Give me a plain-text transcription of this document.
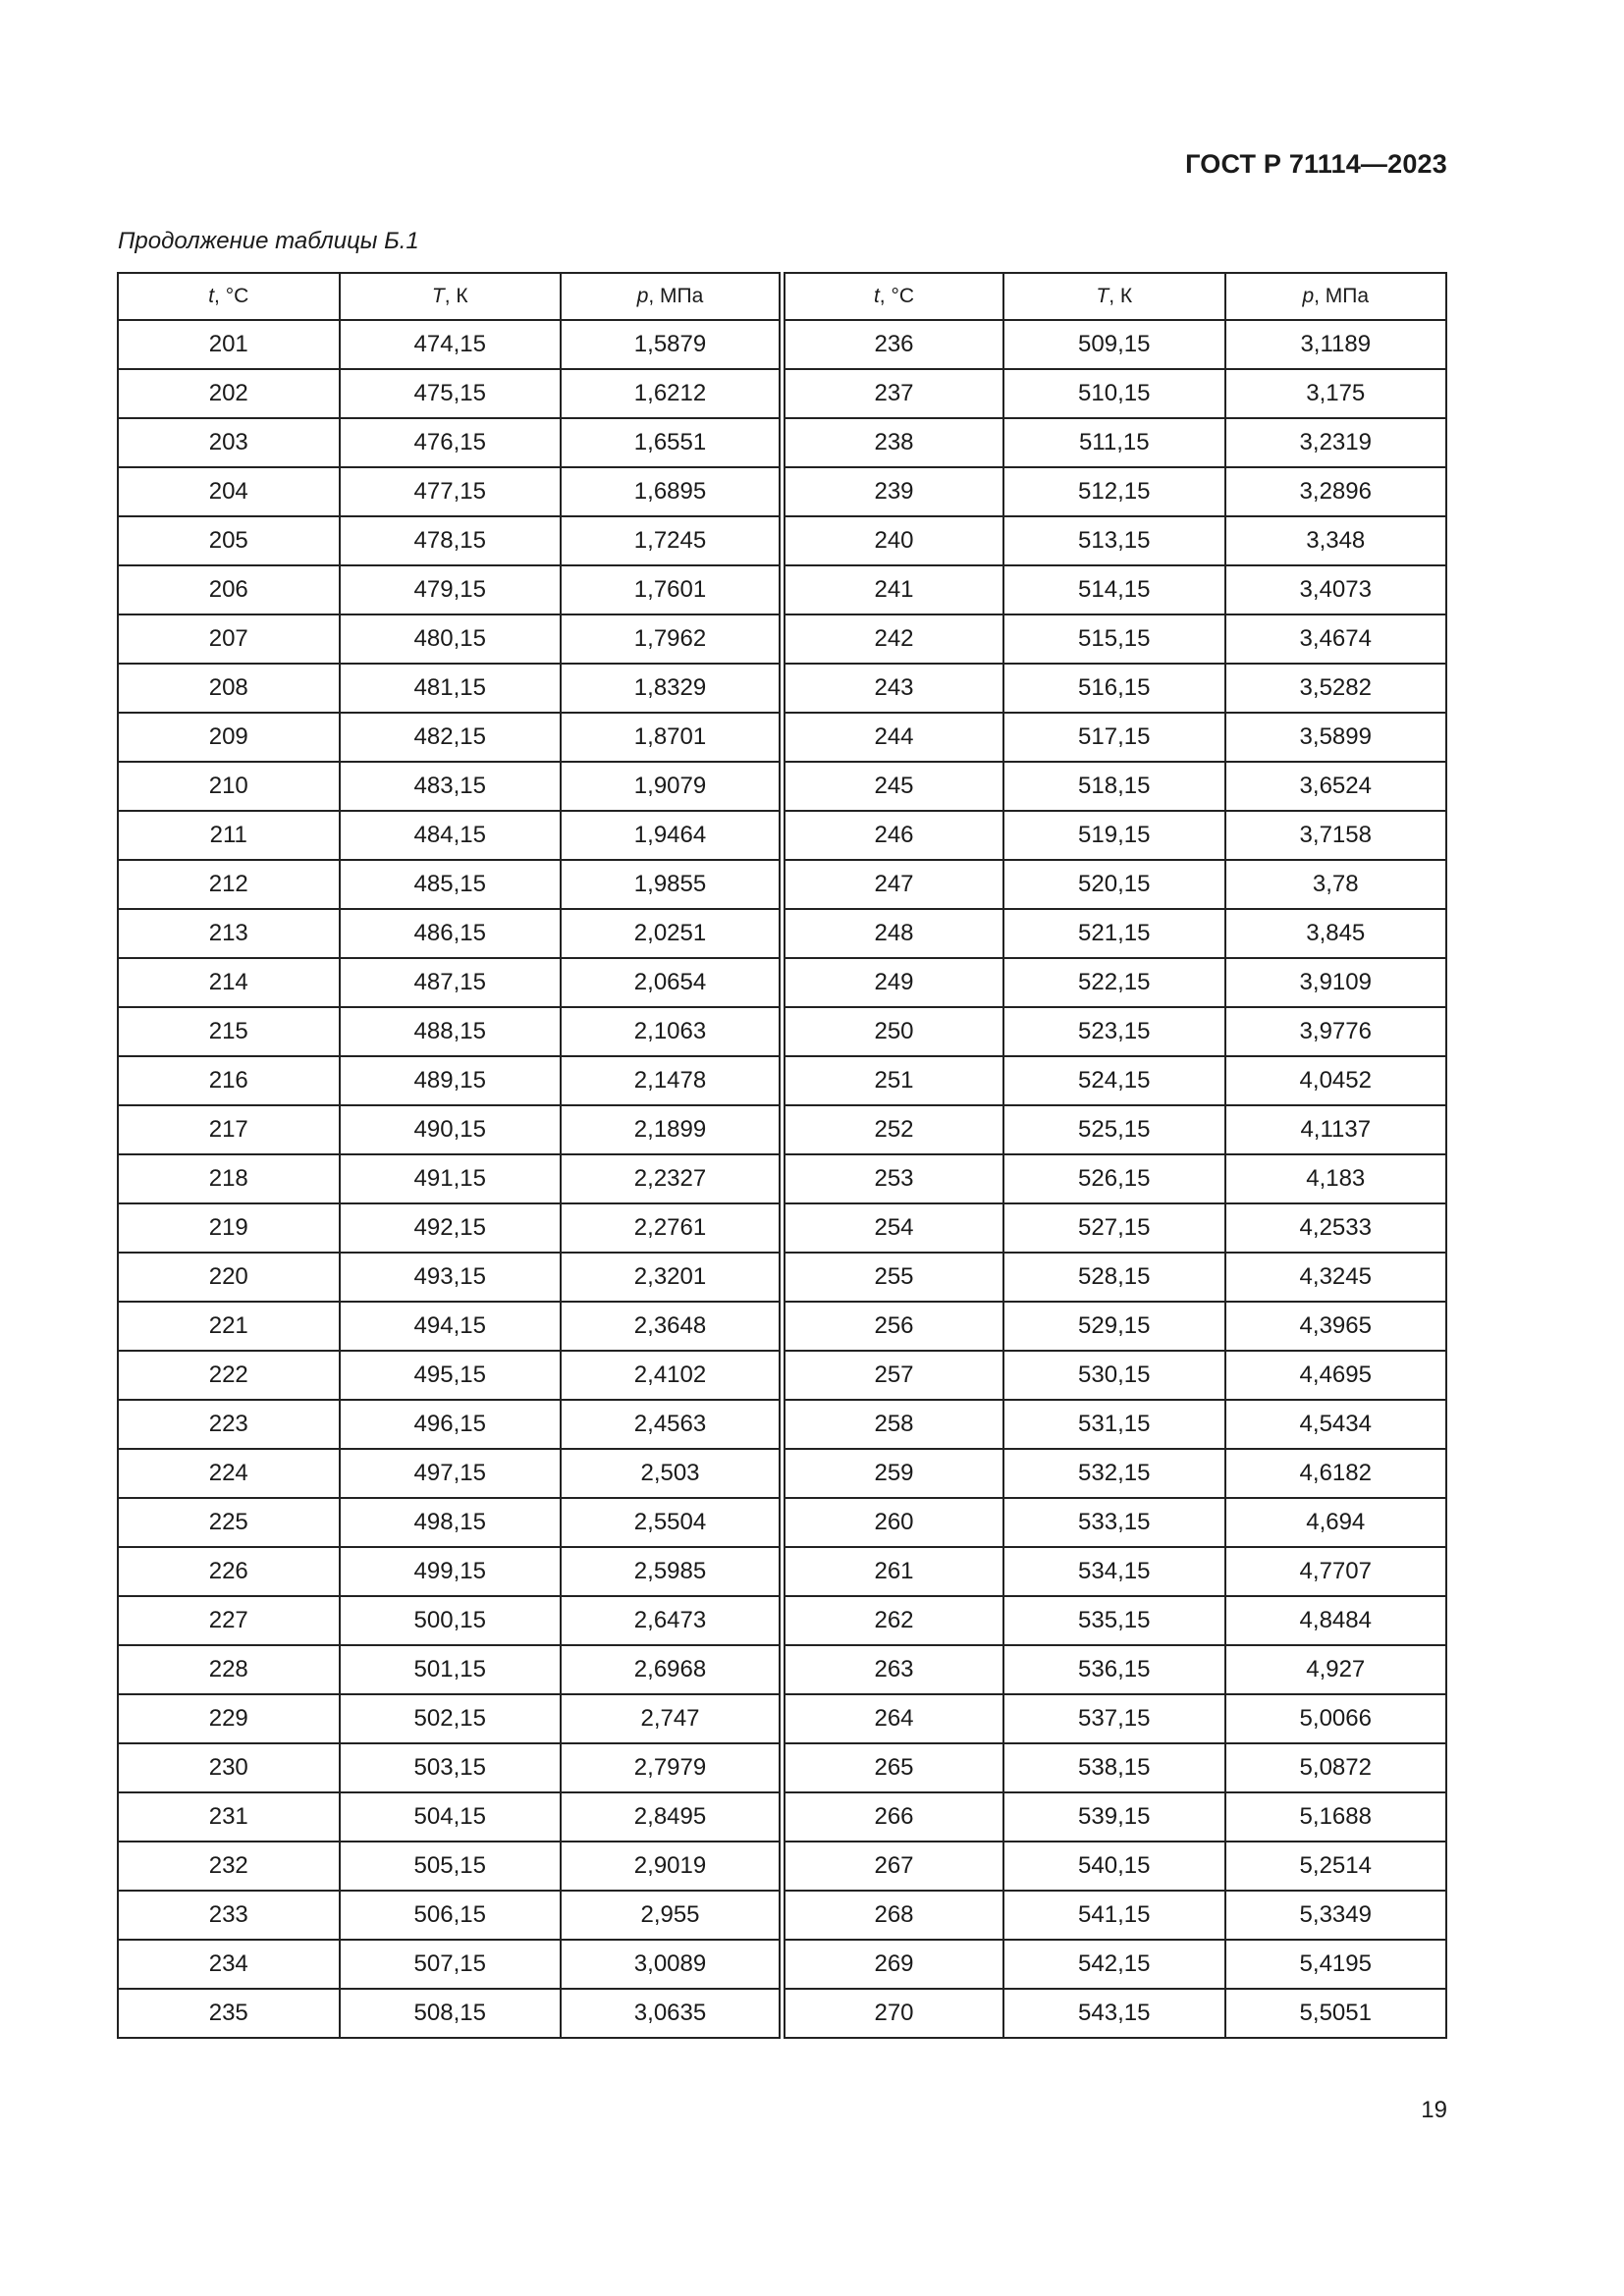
ГОСТ Р 71114—2023
Продолжение таблицы Б.1
t, °C	T, К	p, МПа	t, °C	T, К	p, МПа
201	474,15	1,5879	236	509,15	3,1189
202	475,15	1,6212	237	510,15	3,175
203	476,15	1,6551	238	511,15	3,2319
204	477,15	1,6895	239	512,15	3,2896
205	478,15	1,7245	240	513,15	3,348
206	479,15	1,7601	241	514,15	3,4073
207	480,15	1,7962	242	515,15	3,4674
208	481,15	1,8329	243	516,15	3,5282
209	482,15	1,8701	244	517,15	3,5899
210	483,15	1,9079	245	518,15	3,6524
211	484,15	1,9464	246	519,15	3,7158
212	485,15	1,9855	247	520,15	3,78
213	486,15	2,0251	248	521,15	3,845
214	487,15	2,0654	249	522,15	3,9109
215	488,15	2,1063	250	523,15	3,9776
216	489,15	2,1478	251	524,15	4,0452
217	490,15	2,1899	252	525,15	4,1137
218	491,15	2,2327	253	526,15	4,183
219	492,15	2,2761	254	527,15	4,2533
220	493,15	2,3201	255	528,15	4,3245
221	494,15	2,3648	256	529,15	4,3965
222	495,15	2,4102	257	530,15	4,4695
223	496,15	2,4563	258	531,15	4,5434
224	497,15	2,503	259	532,15	4,6182
225	498,15	2,5504	260	533,15	4,694
226	499,15	2,5985	261	534,15	4,7707
227	500,15	2,6473	262	535,15	4,8484
228	501,15	2,6968	263	536,15	4,927
229	502,15	2,747	264	537,15	5,0066
230	503,15	2,7979	265	538,15	5,0872
231	504,15	2,8495	266	539,15	5,1688
232	505,15	2,9019	267	540,15	5,2514
233	506,15	2,955	268	541,15	5,3349
234	507,15	3,0089	269	542,15	5,4195
235	508,15	3,0635	270	543,15	5,5051
19
